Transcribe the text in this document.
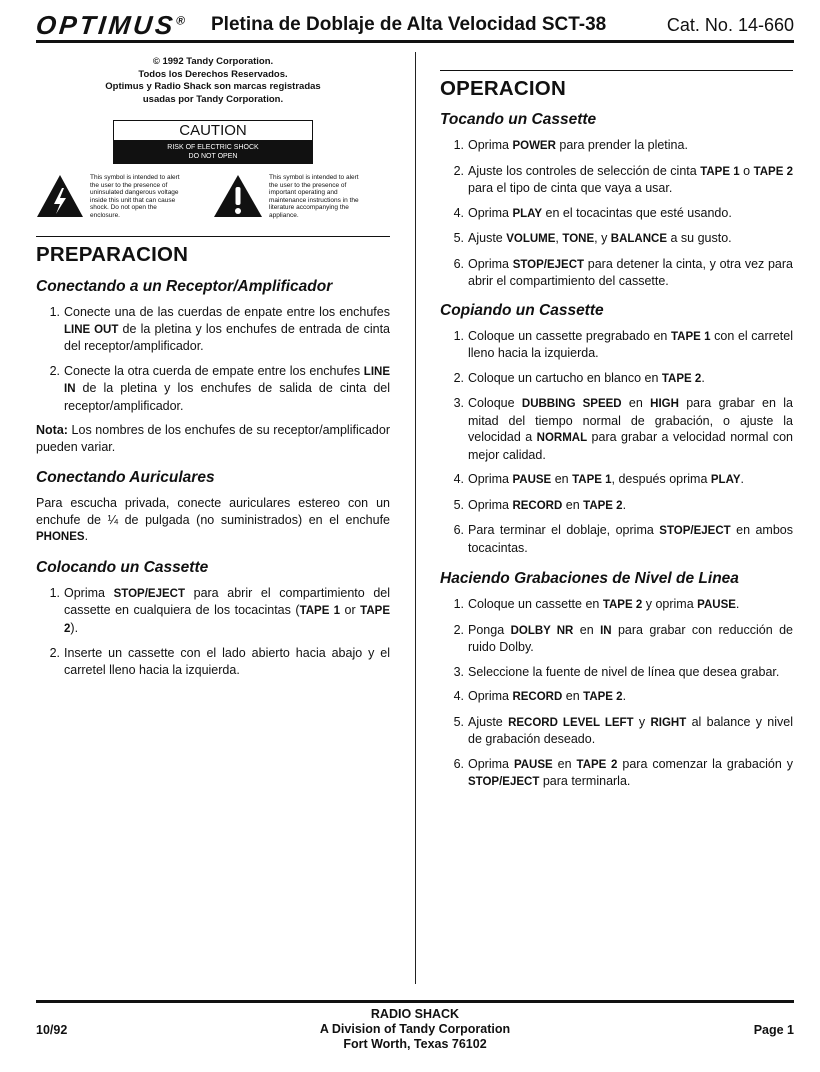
OPTIMUS® Pletina de Doblaje de Alta Velocidad SCT-38	Cat. No. 14-660
© 1992 Tandy Corporation.
Todos los Derechos Reservados.
Optimus y Radio Shack son marcas registradas
usadas por Tandy Corporation.
CAUTION
RISK OF ELECTRIC SHOCK
DO NOT OPEN
This symbol is intended to alert the user to the presence of uninsulated dangerous voltage inside this unit that can cause shock. Do not open the enclosure.
This symbol is intended to alert the user to the presence of important operating and maintenance instructions in the literature accompanying the appliance.
PREPARACION
Conectando a un Receptor/Amplificador
1. Conecte una de las cuerdas de enpate entre los enchufes LINE OUT de la pletina y los enchufes de entrada de cinta del receptor/amplificador.
2. Conecte la otra cuerda de empate entre los enchufes LINE IN de la pletina y los enchufes de salida de cinta del receptor/amplificador.
Nota: Los nombres de los enchufes de su receptor/amplificador pueden variar.
Conectando Auriculares
Para escucha privada, conecte auriculares estereo con un enchufe de ¼ de pulgada (no suministrados) en el enchufe PHONES.
Colocando un Cassette
1. Oprima STOP/EJECT para abrir el compartimiento del cassette en cualquiera de los tocacintas (TAPE 1 or TAPE 2).
2. Inserte un cassette con el lado abierto hacia abajo y el carretel lleno hacia la izquierda.
OPERACION
Tocando un Cassette
1. Oprima POWER para prender la pletina.
2. Ajuste los controles de selección de cinta TAPE 1 o TAPE 2 para el tipo de cinta que vaya a usar.
4. Oprima PLAY en el tocacintas que esté usando.
5. Ajuste VOLUME, TONE, y BALANCE a su gusto.
6. Oprima STOP/EJECT para detener la cinta, y otra vez para abrir el compartimiento del cassette.
Copiando un Cassette
1. Coloque un cassette pregrabado en TAPE 1 con el carretel lleno hacia la izquierda.
2. Coloque un cartucho en blanco en TAPE 2.
3. Coloque DUBBING SPEED en HIGH para grabar en la mitad del tiempo normal de grabación, o ajuste la velocidad a NORMAL para grabar a velocidad normal con mejor calidad.
4. Oprima PAUSE en TAPE 1, después oprima PLAY.
5. Oprima RECORD en TAPE 2.
6. Para terminar el doblaje, oprima STOP/EJECT en ambos tocacintas.
Haciendo Grabaciones de Nivel de Linea
1. Coloque un cassette en TAPE 2 y oprima PAUSE.
2. Ponga DOLBY NR en IN para grabar con reducción de ruido Dolby.
3. Seleccione la fuente de nivel de línea que desea grabar.
4. Oprima RECORD en TAPE 2.
5. Ajuste RECORD LEVEL LEFT y RIGHT al balance y nivel de grabación deseado.
6. Oprima PAUSE en TAPE 2 para comenzar la grabación y STOP/EJECT para terminarla.
RADIO SHACK
A Division of Tandy Corporation
Fort Worth, Texas 76102
10/92	Page 1
